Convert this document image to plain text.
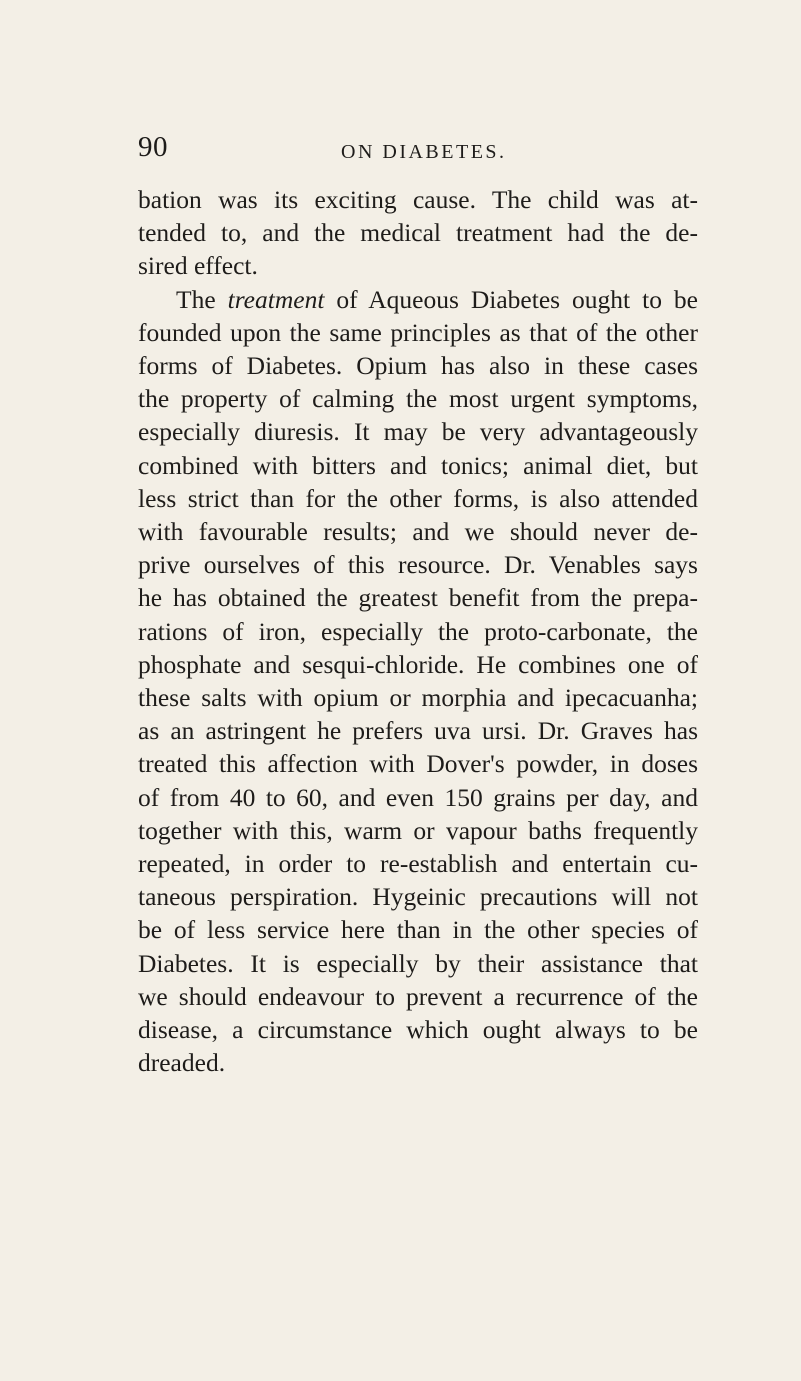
90	ON DIABETES.
bation was its exciting cause. The child was at-
tended to, and the medical treatment had the de-
sired effect.
The treatment of Aqueous Diabetes ought to be
founded upon the same principles as that of the other
forms of Diabetes. Opium has also in these cases
the property of calming the most urgent symptoms,
especially diuresis. It may be very advantageously
combined with bitters and tonics; animal diet, but
less strict than for the other forms, is also attended
with favourable results; and we should never de-
prive ourselves of this resource. Dr. Venables says
he has obtained the greatest benefit from the prepa-
rations of iron, especially the proto-carbonate, the
phosphate and sesqui-chloride. He combines one of
these salts with opium or morphia and ipecacuanha;
as an astringent he prefers uva ursi. Dr. Graves has
treated this affection with Dover's powder, in doses
of from 40 to 60, and even 150 grains per day, and
together with this, warm or vapour baths frequently
repeated, in order to re-establish and entertain cu-
taneous perspiration. Hygeinic precautions will not
be of less service here than in the other species of
Diabetes. It is especially by their assistance that
we should endeavour to prevent a recurrence of the
disease, a circumstance which ought always to be
dreaded.
